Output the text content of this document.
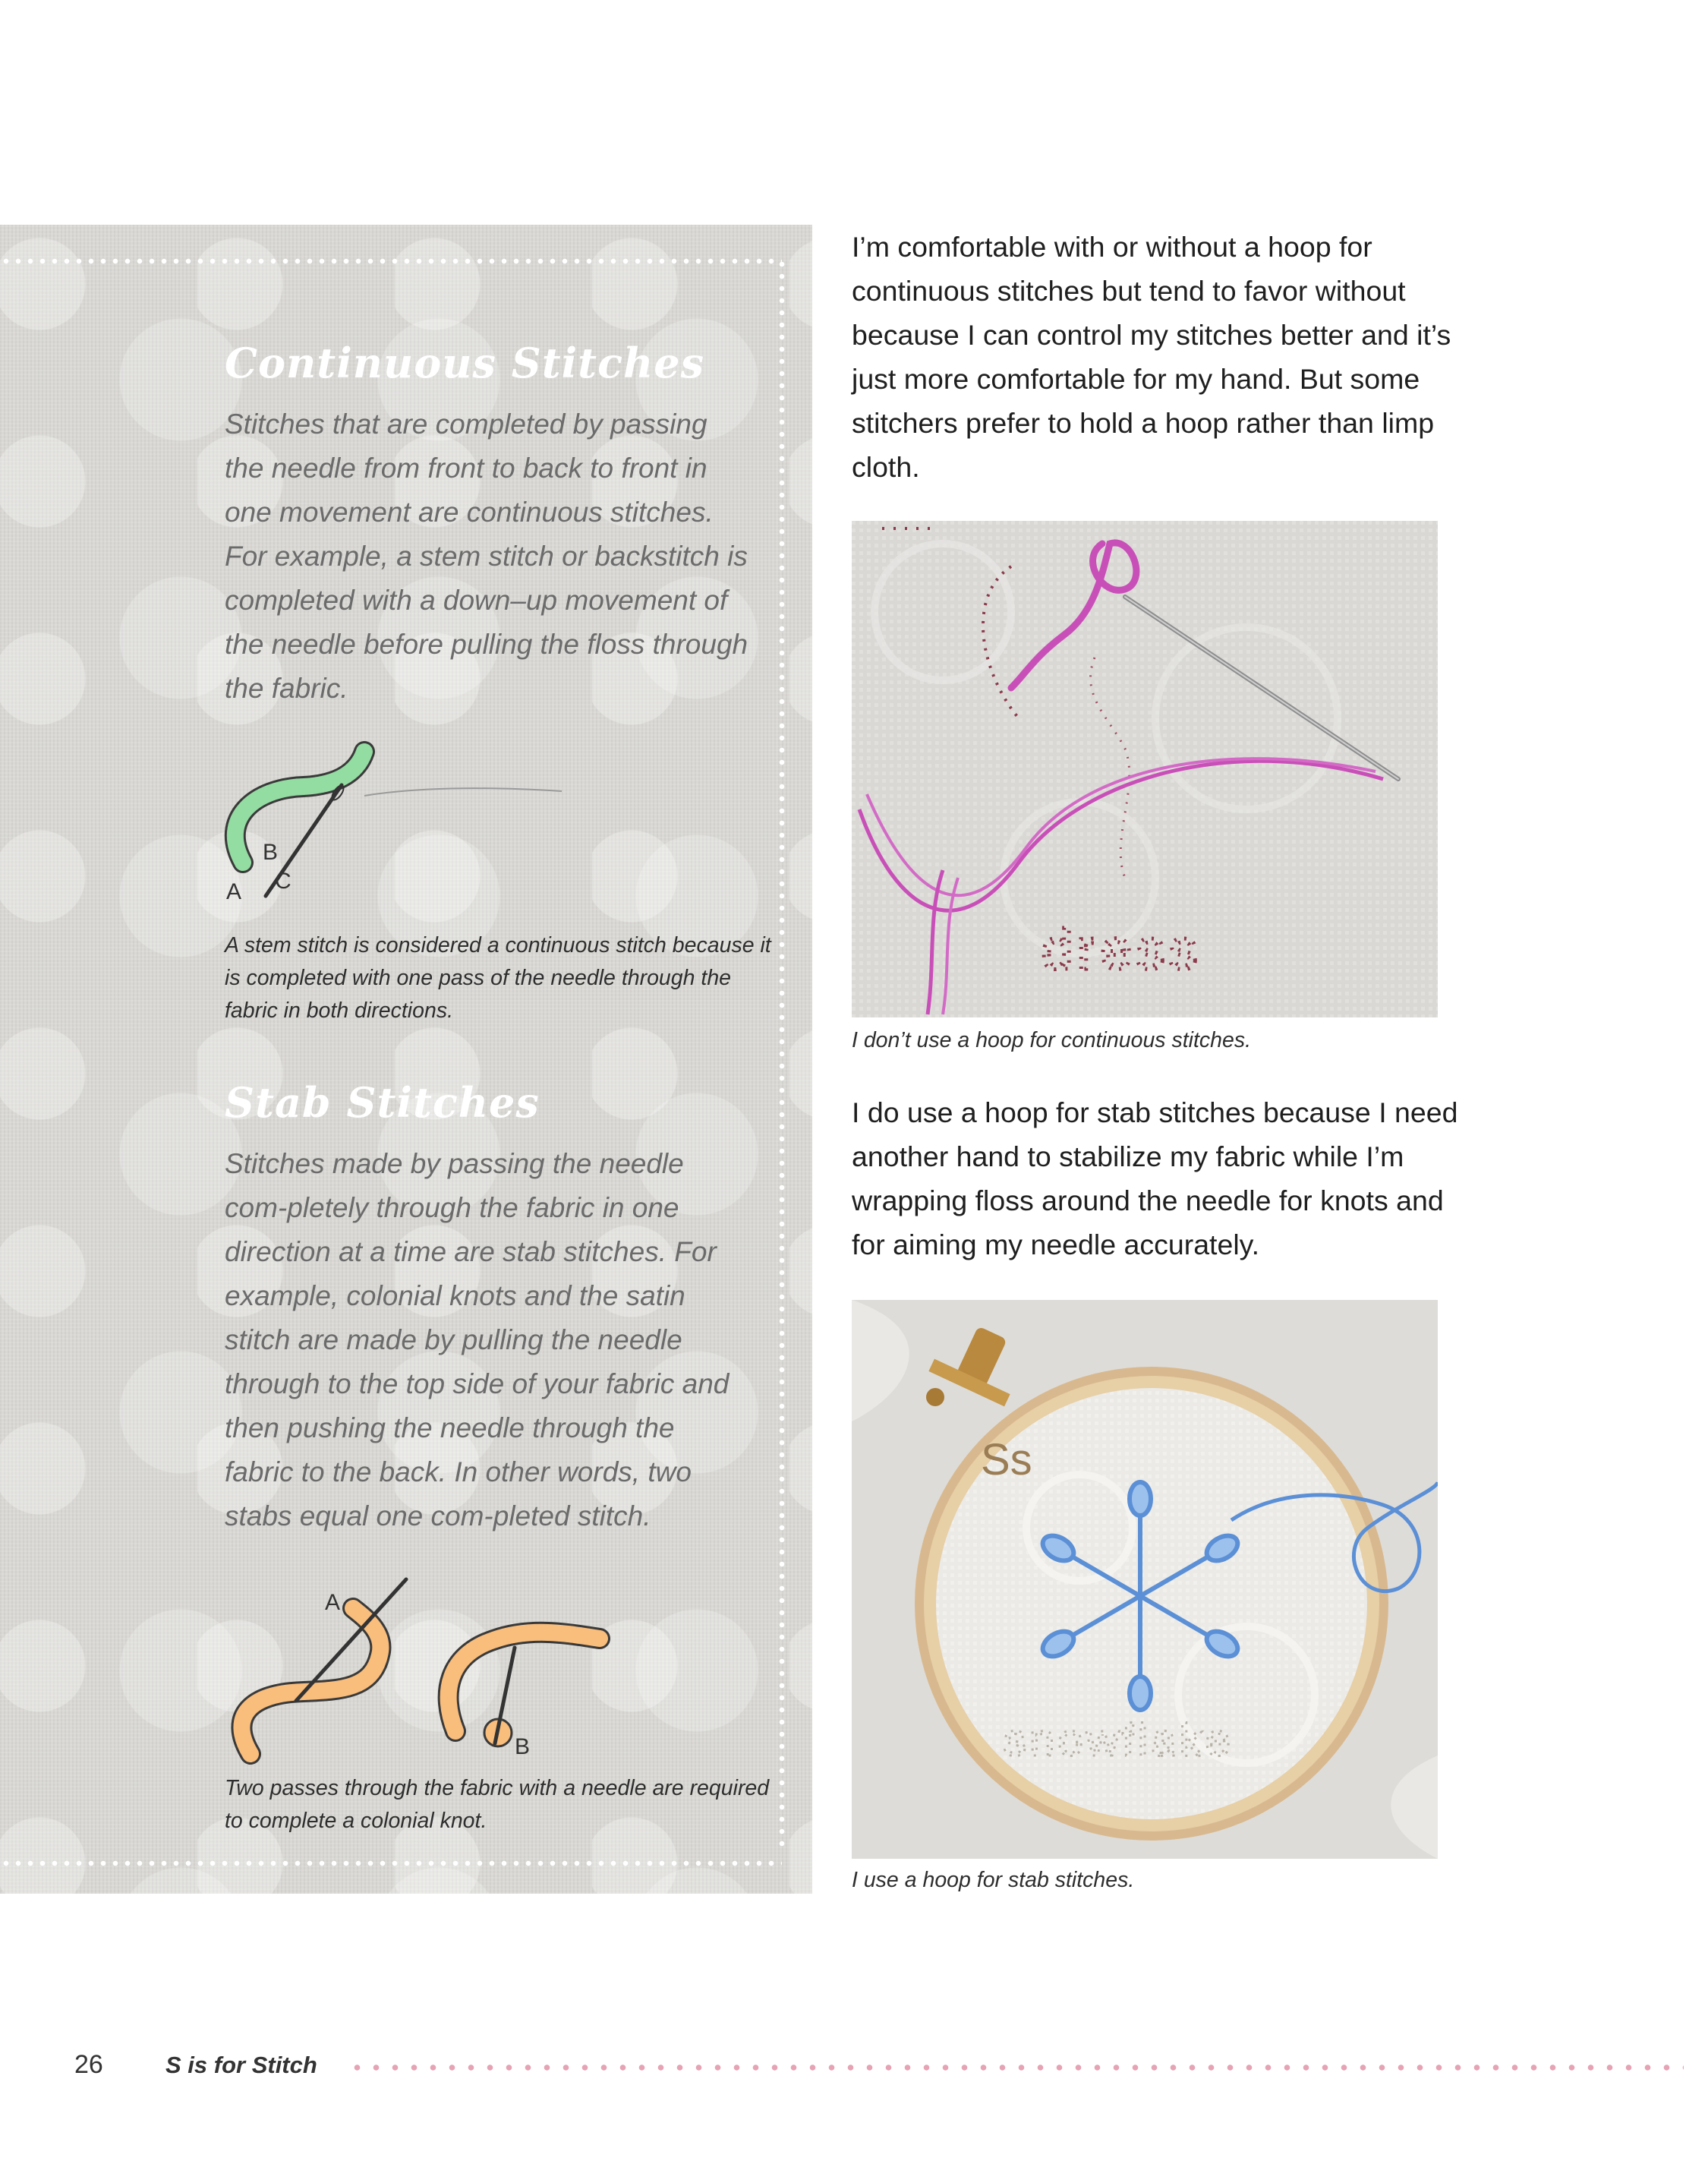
Continuous Stitches

Stitches that are completed by passing the needle from front to back to front in one movement are continuous stitches. For example, a stem stitch or backstitch is completed with a down–up movement of the needle before pulling the floss through the fabric.

A
B
C

A stem stitch is considered a continuous stitch because it is completed with one pass of the needle through the fabric in both directions.

Stab Stitches

Stitches made by passing the needle com-pletely through the fabric in one direction at a time are stab stitches. For example, colonial knots and the satin stitch are made by pulling the needle through to the top side of your fabric and then pushing the needle through the fabric to the back. In other words, two stabs equal one com-pleted stitch.

A
B

Two passes through the fabric with a needle are required to complete a colonial knot.

I’m comfortable with or without a hoop for continuous stitches but tend to favor without because I can control my stitches better and it’s just more comfortable for my hand. But some stitchers prefer to hold a hoop rather than limp cloth.

dress

I don’t use a hoop for continuous stitches.

I do use a hoop for stab stitches because I need another hand to stabilize my fabric while I’m wrapping floss around the needle for knots and for aiming my needle accurately.

Ss
snowflake

I use a hoop for stab stitches.

26	S is for Stitch
